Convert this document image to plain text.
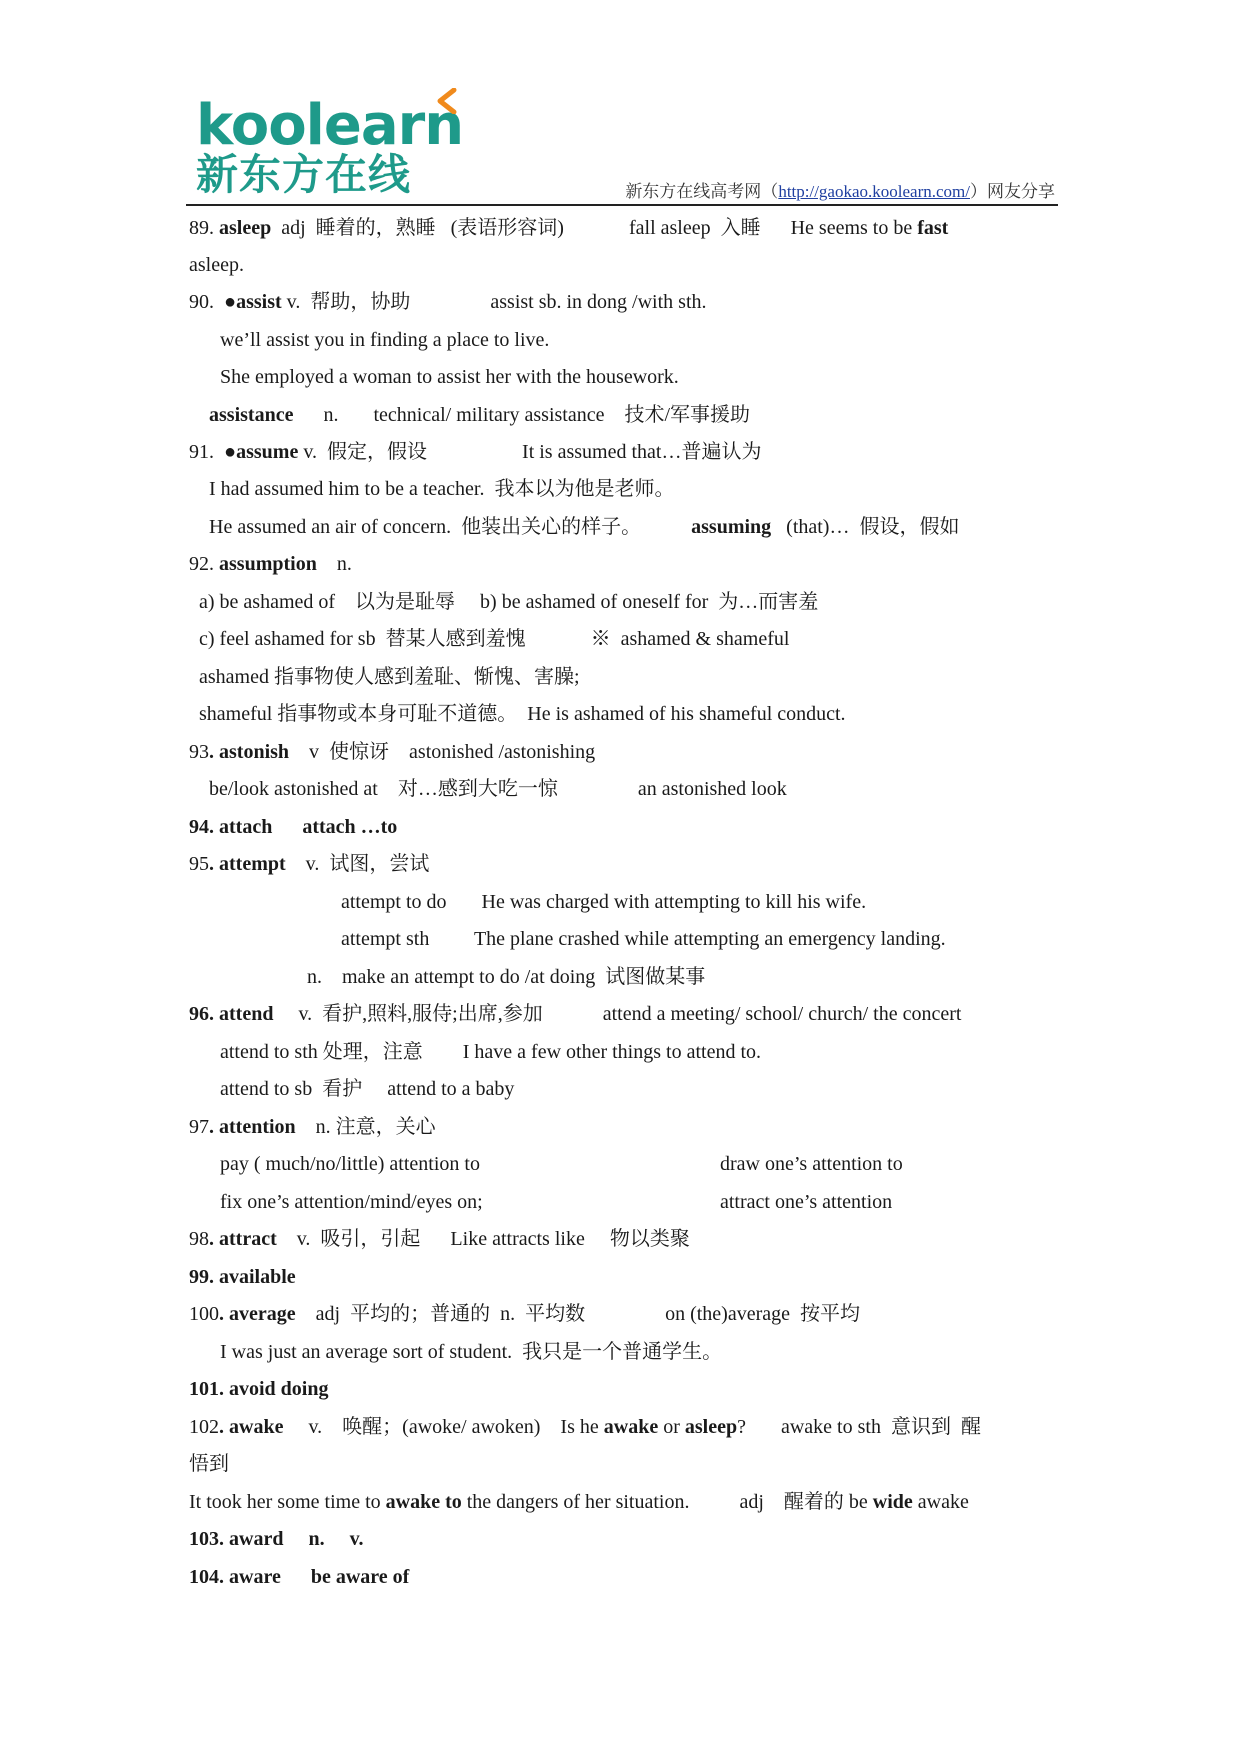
koolearn
新东方在线	新东方在线高考网（http://gaokao.koolearn.com/）网友分享
89. asleep  adj  睡着的，熟睡   (表语形容词)             fall asleep  入睡      He seems to be fast
asleep.
90.  ●assist v.  帮助，协助                assist sb. in dong /with sth.
we’ll assist you in finding a place to live.
She employed a woman to assist her with the housework.
assistance      n.       technical/ military assistance    技术/军事援助
91.  ●assume v.  假定，假设                   It is assumed that…普遍认为
I had assumed him to be a teacher.  我本以为他是老师。
He assumed an air of concern.  他装出关心的样子。          assuming   (that)…  假设，假如
92. assumption    n.
a) be ashamed of    以为是耻辱     b) be ashamed of oneself for  为…而害羞
c) feel ashamed for sb  替某人感到羞愧             ※  ashamed & shameful
ashamed 指事物使人感到羞耻、惭愧、害臊;
shameful 指事物或本身可耻不道德。  He is ashamed of his shameful conduct.
93. astonish    v  使惊讶    astonished /astonishing
be/look astonished at    对…感到大吃一惊                an astonished look
94. attach      attach …to
95. attempt    v.  试图，尝试
attempt to do       He was charged with attempting to kill his wife.
attempt sth         The plane crashed while attempting an emergency landing.
n.    make an attempt to do /at doing  试图做某事
96. attend     v.  看护,照料,服侍;出席,参加            attend a meeting/ school/ church/ the concert
attend to sth 处理，注意        I have a few other things to attend to.
attend to sb  看护     attend to a baby
97. attention    n. 注意，关心
pay ( much/no/little) attention to	draw one’s attention to
fix one’s attention/mind/eyes on;	attract one’s attention
98. attract    v.  吸引，引起      Like attracts like     物以类聚
99. available
100. average    adj  平均的；普通的  n.  平均数                on (the)average  按平均
I was just an average sort of student.  我只是一个普通学生。
101. avoid doing
102. awake     v.    唤醒；(awoke/ awoken)    Is he awake or asleep?       awake to sth  意识到  醒
悟到
It took her some time to awake to the dangers of her situation.          adj    醒着的 be wide awake
103. award     n.     v.
104. aware      be aware of
